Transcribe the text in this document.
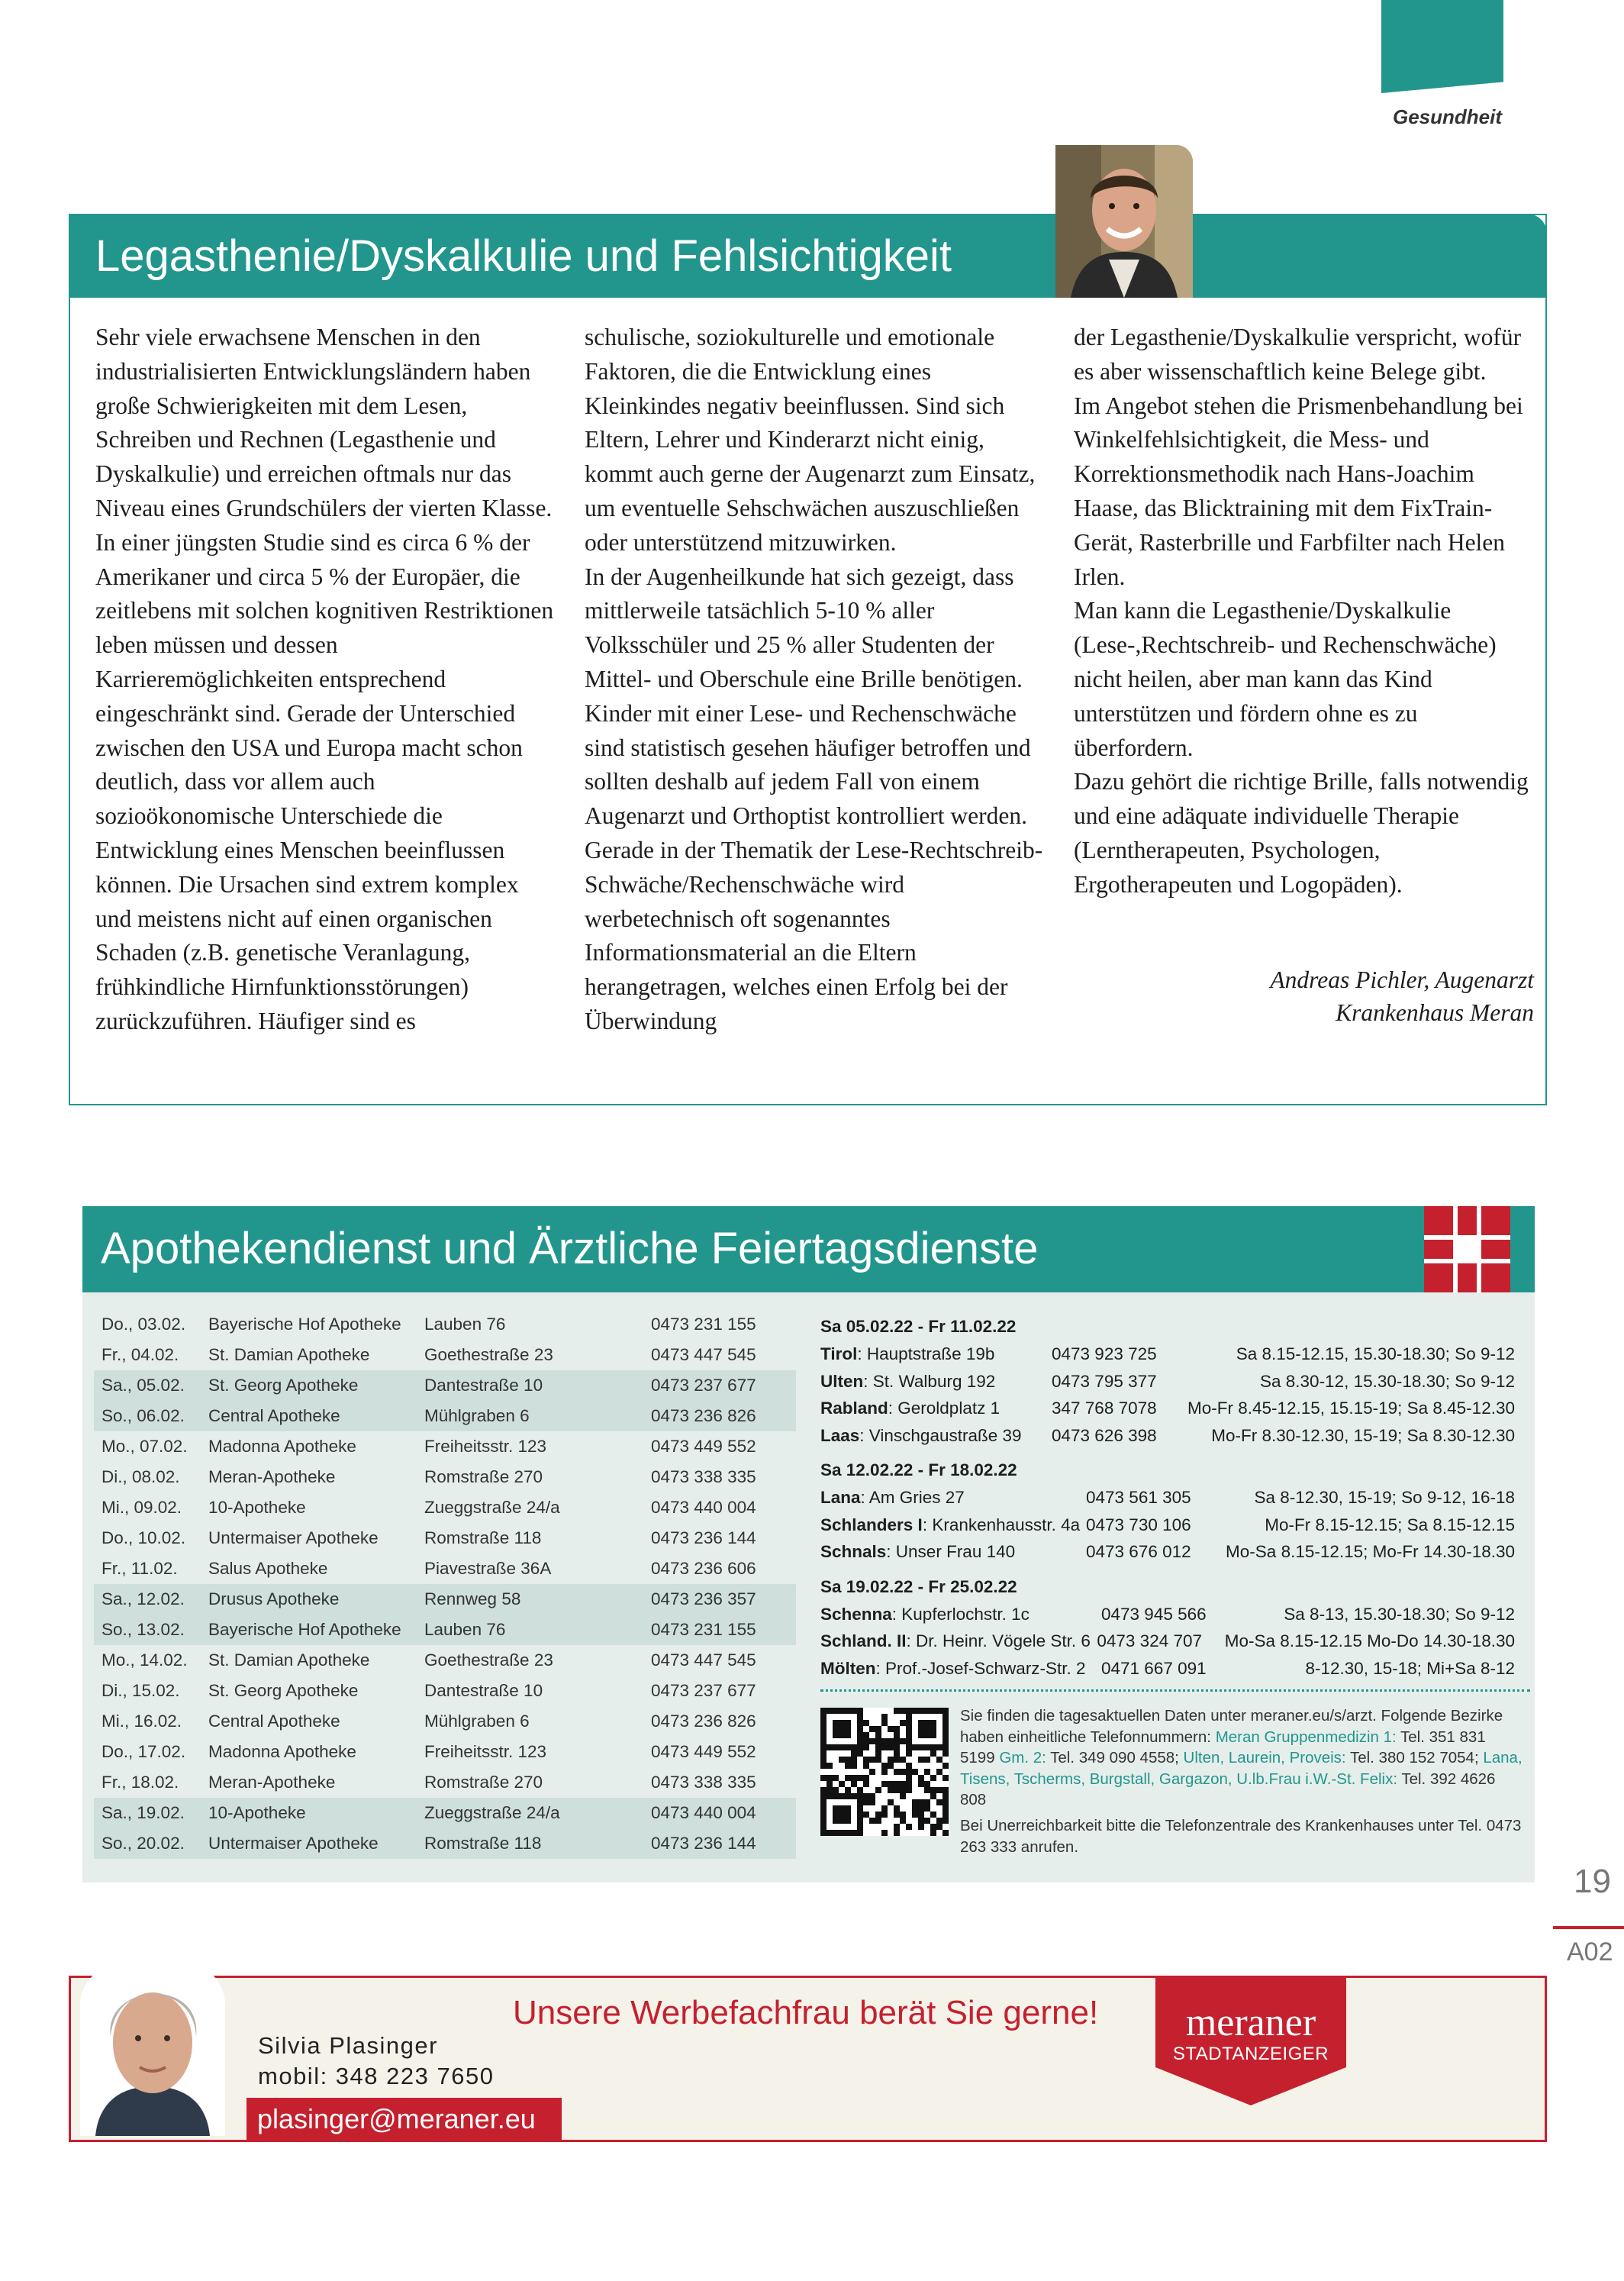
Gesundheit
Legasthenie/Dyskalkulie und Fehlsichtigkeit

Sehr viele erwachsene Menschen in den industrialisierten Entwicklungsländern haben große Schwierigkeiten mit dem Lesen, Schreiben und Rechnen (Legasthenie und Dyskalkulie) und erreichen oftmals nur das Niveau eines Grundschülers der vierten Klasse. In einer jüngsten Studie sind es circa 6 % der Amerikaner und circa 5 % der Europäer, die zeitlebens mit solchen kognitiven Restriktionen leben müssen und dessen Karrieremöglichkeiten entsprechend eingeschränkt sind. Gerade der Unterschied zwischen den USA und Europa macht schon deutlich, dass vor allem auch sozioökonomische Unterschiede die Entwicklung eines Menschen beeinflussen können. Die Ursachen sind extrem komplex und meistens nicht auf einen organischen Schaden (z.B. genetische Veranlagung, frühkindliche Hirnfunktionsstörungen) zurückzuführen. Häufiger sind es

schulische, soziokulturelle und emotionale Faktoren, die die Entwicklung eines Kleinkindes negativ beeinflussen. Sind sich Eltern, Lehrer und Kinderarzt nicht einig, kommt auch gerne der Augenarzt zum Einsatz, um eventuelle Sehschwächen auszuschließen oder unterstützend mitzuwirken.

In der Augenheilkunde hat sich gezeigt, dass mittlerweile tatsächlich 5-10 % aller Volksschüler und 25 % aller Studenten der Mittel- und Oberschule eine Brille benötigen. Kinder mit einer Lese- und Rechenschwäche sind statistisch gesehen häufiger betroffen und sollten deshalb auf jedem Fall von einem Augenarzt und Orthoptist kontrolliert werden.

Gerade in der Thematik der Lese-Rechtschreib-Schwäche/Rechenschwäche wird werbetechnisch oft sogenanntes Informationsmaterial an die Eltern herangetragen, welches einen Erfolg bei der Überwindung

der Legasthenie/Dyskalkulie verspricht, wofür es aber wissenschaftlich keine Belege gibt.

Im Angebot stehen die Prismenbehandlung bei Winkelfehlsichtigkeit, die Mess- und Korrektionsmethodik nach Hans-Joachim Haase, das Blicktraining mit dem FixTrain-Gerät, Rasterbrille und Farbfilter nach Helen Irlen.

Man kann die Legasthenie/Dyskalkulie (Lese-,Rechtschreib- und Rechenschwäche) nicht heilen, aber man kann das Kind unterstützen und fördern ohne es zu überfordern.

Dazu gehört die richtige Brille, falls notwendig und eine adäquate individuelle Therapie (Lerntherapeuten, Psychologen, Ergotherapeuten und Logopäden).

Andreas Pichler, Augenarzt
Krankenhaus Meran
Apothekendienst und Ärztliche Feiertagsdienste
Do., 03.02.	Bayerische Hof Apotheke	Lauben 76	0473 231 155
Fr., 04.02.	St. Damian Apotheke	Goethestraße 23	0473 447 545
Sa., 05.02.	St. Georg Apotheke	Dantestraße 10	0473 237 677
So., 06.02.	Central Apotheke	Mühlgraben 6	0473 236 826
Mo., 07.02.	Madonna Apotheke	Freiheitsstr. 123	0473 449 552
Di., 08.02.	Meran-Apotheke	Romstraße 270	0473 338 335
Mi., 09.02.	10-Apotheke	Zueggstraße 24/a	0473 440 004
Do., 10.02.	Untermaiser Apotheke	Romstraße 118	0473 236 144
Fr., 11.02.	Salus Apotheke	Piavestraße 36A	0473 236 606
Sa., 12.02.	Drusus Apotheke	Rennweg 58	0473 236 357
So., 13.02.	Bayerische Hof Apotheke	Lauben 76	0473 231 155
Mo., 14.02.	St. Damian Apotheke	Goethestraße 23	0473 447 545
Di., 15.02.	St. Georg Apotheke	Dantestraße 10	0473 237 677
Mi., 16.02.	Central Apotheke	Mühlgraben 6	0473 236 826
Do., 17.02.	Madonna Apotheke	Freiheitsstr. 123	0473 449 552
Fr., 18.02.	Meran-Apotheke	Romstraße 270	0473 338 335
Sa., 19.02.	10-Apotheke	Zueggstraße 24/a	0473 440 004
So., 20.02.	Untermaiser Apotheke	Romstraße 118	0473 236 144
Sa 05.02.22 - Fr 11.02.22
Tirol: Hauptstraße 19b	0473 923 725	Sa 8.15-12.15, 15.30-18.30; So 9-12
Ulten: St. Walburg 192	0473 795 377	Sa 8.30-12, 15.30-18.30; So 9-12
Rabland: Geroldplatz 1	347 768 7078	Mo-Fr 8.45-12.15, 15.15-19; Sa 8.45-12.30
Laas: Vinschgaustraße 39	0473 626 398	Mo-Fr 8.30-12.30, 15-19; Sa 8.30-12.30
Sa 12.02.22 - Fr 18.02.22
Lana: Am Gries 27	0473 561 305	Sa 8-12.30, 15-19; So 9-12, 16-18
Schlanders I: Krankenhausstr. 4a 0473 730 106	Mo-Fr 8.15-12.15; Sa 8.15-12.15
Schnals: Unser Frau 140	0473 676 012	Mo-Sa 8.15-12.15; Mo-Fr 14.30-18.30
Sa 19.02.22 - Fr 25.02.22
Schenna: Kupferlochstr. 1c	0473 945 566	Sa 8-13, 15.30-18.30; So 9-12
Schland. II: Dr. Heinr. Vögele Str. 6 0473 324 707	Mo-Sa 8.15-12.15 Mo-Do 14.30-18.30
Mölten: Prof.-Josef-Schwarz-Str. 2 0471 667 091	8-12.30, 15-18; Mi+Sa 8-12

Sie finden die tagesaktuellen Daten unter meraner.eu/s/arzt. Folgende Bezirke haben einheitliche Telefonnummern: Meran Gruppenmedizin 1: Tel. 351 831 5199 Gm. 2: Tel. 349 090 4558; Ulten, Laurein, Proveis: Tel. 380 152 7054; Lana, Tisens, Tscherms, Burgstall, Gargazon, U.lb.Frau i.W.-St. Felix: Tel. 392 4626 808

Bei Unerreichbarkeit bitte die Telefonzentrale des Krankenhauses unter Tel. 0473 263 333 anrufen.

19
A02
Silvia Plasinger
mobil: 348 223 7650
plasinger@meraner.eu
Unsere Werbefachfrau berät Sie gerne!	meraner
STADTANZEIGER
